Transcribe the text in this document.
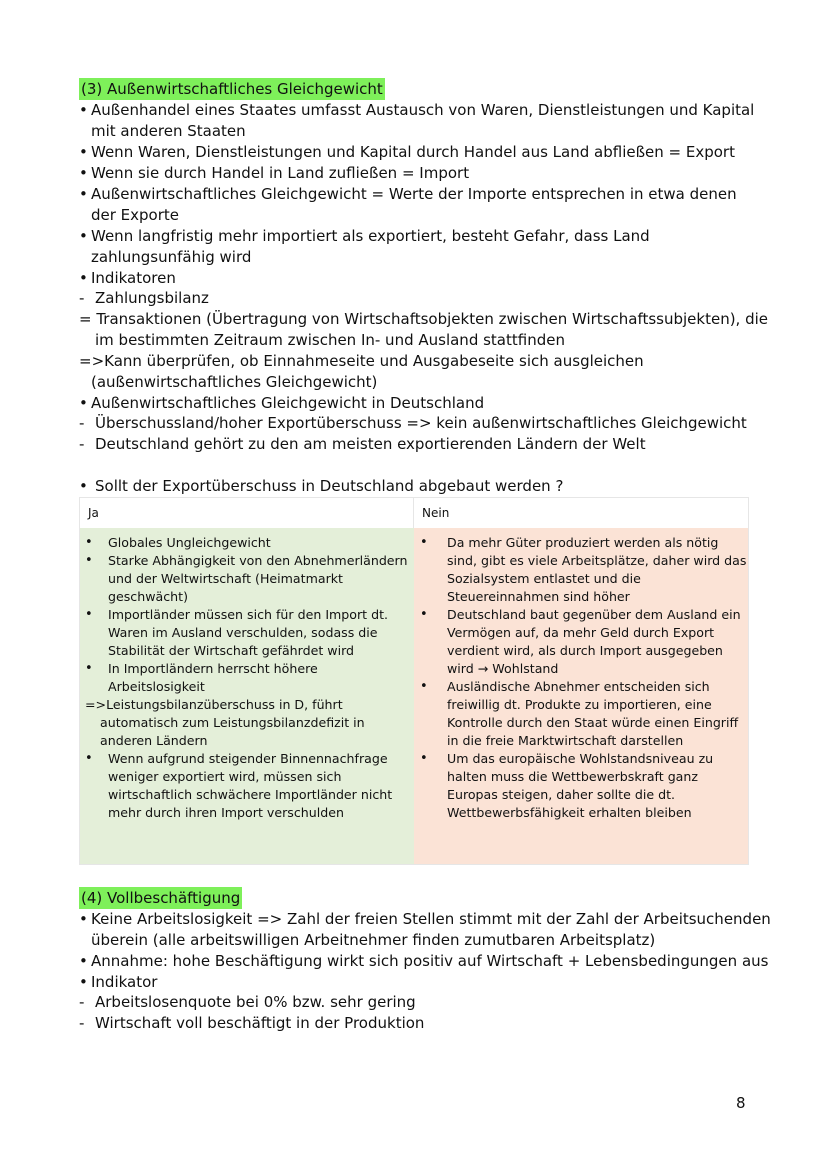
(3) Außenwirtschaftliches Gleichgewicht
• Außenhandel eines Staates umfasst Austausch von Waren, Dienstleistungen und Kapital
mit anderen Staaten
• Wenn Waren, Dienstleistungen und Kapital durch Handel aus Land abfließen = Export
• Wenn sie durch Handel in Land zufließen = Import
• Außenwirtschaftliches Gleichgewicht = Werte der Importe entsprechen in etwa denen
der Exporte
• Wenn langfristig mehr importiert als exportiert, besteht Gefahr, dass Land
zahlungsunfähig wird
• Indikatoren
- Zahlungsbilanz
= Transaktionen (Übertragung von Wirtschaftsobjekten zwischen Wirtschaftssubjekten), die
im bestimmten Zeitraum zwischen In- und Ausland stattfinden
=>Kann überprüfen, ob Einnahmeseite und Ausgabeseite sich ausgleichen
(außenwirtschaftliches Gleichgewicht)
• Außenwirtschaftliches Gleichgewicht in Deutschland
- Überschussland/hoher Exportüberschuss => kein außenwirtschaftliches Gleichgewicht
- Deutschland gehört zu den am meisten exportierenden Ländern der Welt
• Sollt der Exportüberschuss in Deutschland abgebaut werden ?
Ja	Nein
• Globales Ungleichgewicht
• Starke Abhängigkeit von den Abnehmerländern
und der Weltwirtschaft (Heimatmarkt
geschwächt)
• Importländer müssen sich für den Import dt.
Waren im Ausland verschulden, sodass die
Stabilität der Wirtschaft gefährdet wird
• In Importländern herrscht höhere
Arbeitslosigkeit
=>Leistungsbilanzüberschuss in D, führt
automatisch zum Leistungsbilanzdefizit in
anderen Ländern
• Wenn aufgrund steigender Binnennachfrage
weniger exportiert wird, müssen sich
wirtschaftlich schwächere Importländer nicht
mehr durch ihren Import verschulden
• Da mehr Güter produziert werden als nötig
sind, gibt es viele Arbeitsplätze, daher wird das
Sozialsystem entlastet und die
Steuereinnahmen sind höher
• Deutschland baut gegenüber dem Ausland ein
Vermögen auf, da mehr Geld durch Export
verdient wird, als durch Import ausgegeben
wird → Wohlstand
• Ausländische Abnehmer entscheiden sich
freiwillig dt. Produkte zu importieren, eine
Kontrolle durch den Staat würde einen Eingriff
in die freie Marktwirtschaft darstellen
• Um das europäische Wohlstandsniveau zu
halten muss die Wettbewerbskraft ganz
Europas steigen, daher sollte die dt.
Wettbewerbsfähigkeit erhalten bleiben
(4) Vollbeschäftigung
• Keine Arbeitslosigkeit => Zahl der freien Stellen stimmt mit der Zahl der Arbeitsuchenden
überein (alle arbeitswilligen Arbeitnehmer finden zumutbaren Arbeitsplatz)
• Annahme: hohe Beschäftigung wirkt sich positiv auf Wirtschaft + Lebensbedingungen aus
• Indikator
- Arbeitslosenquote bei 0% bzw. sehr gering
- Wirtschaft voll beschäftigt in der Produktion
8
